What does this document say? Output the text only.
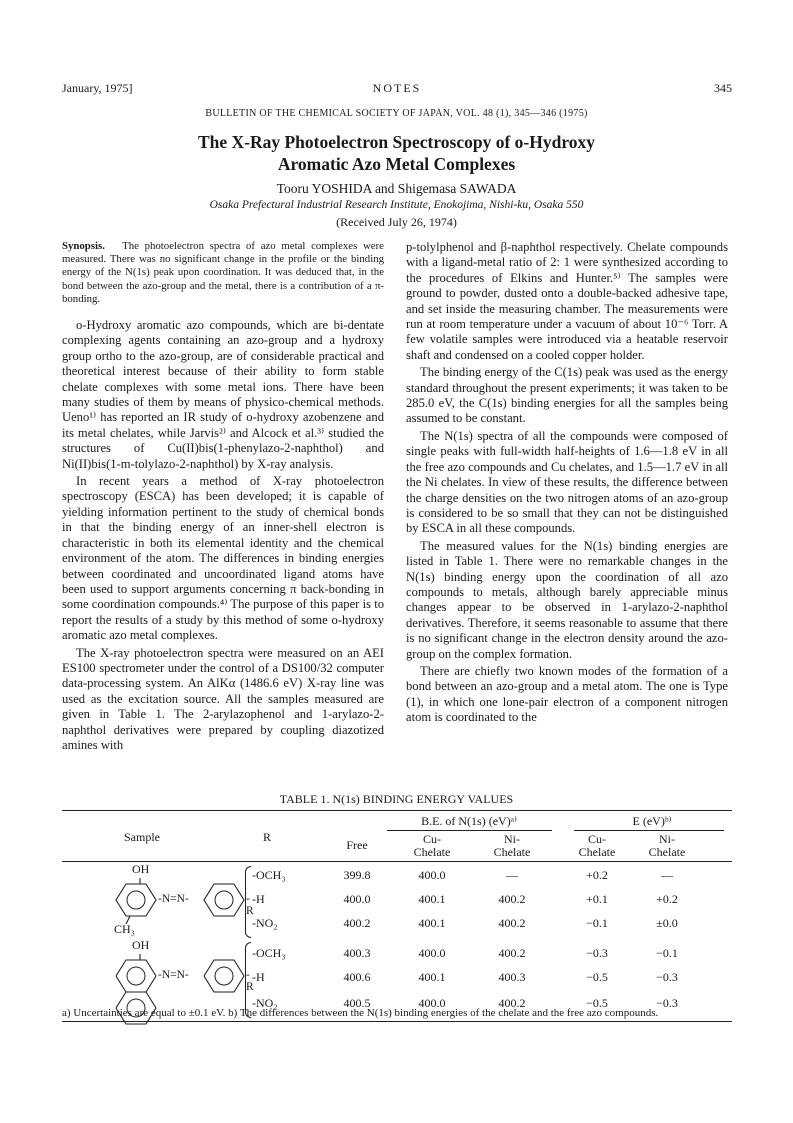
January, 1975]	NOTES	345
BULLETIN OF THE CHEMICAL SOCIETY OF JAPAN, VOL. 48 (1), 345—346 (1975)
The X-Ray Photoelectron Spectroscopy of o-Hydroxy
Aromatic Azo Metal Complexes
Tooru YOSHIDA and Shigemasa SAWADA
Osaka Prefectural Industrial Research Institute, Enokojima, Nishi-ku, Osaka 550
(Received July 26, 1974)

Synopsis. The photoelectron spectra of azo metal complexes were measured. There was no significant change in the profile or the binding energy of the N(1s) peak upon coordination. It was deduced that, in the bond between the azo-group and the metal, there is a contribution of a π-bonding.

o-Hydroxy aromatic azo compounds, which are bi-dentate complexing agents containing an azo-group and a hydroxy group ortho to the azo-group, are of considerable practical and theoretical interest because of their ability to form stable chelate complexes with some metal ions. There have been many studies of them by means of physico-chemical methods. Ueno¹⁾ has reported an IR study of o-hydroxy azobenzene and its metal chelates, while Jarvis²⁾ and Alcock et al.³⁾ studied the structures of Cu(II)bis(1-phenylazo-2-naphthol) and Ni(II)bis(1-m-tolylazo-2-naphthol) by X-ray analysis.

In recent years a method of X-ray photoelectron spectroscopy (ESCA) has been developed; it is capable of yielding information pertinent to the study of chemical bonds in that the binding energy of an inner-shell electron is characteristic in both its elemental identity and the chemical environment of the atom. The differences in binding energies between coordinated and uncoordinated ligand atoms have been used to support arguments concerning π back-bonding in some coordination compounds.⁴⁾ The purpose of this paper is to report the results of a study by this method of some o-hydroxy aromatic azo metal complexes.

The X-ray photoelectron spectra were measured on an AEI ES100 spectrometer under the control of a DS100/32 computer data-processing system. An AlKα (1486.6 eV) X-ray line was used as the excitation source. All the samples measured are given in Table 1. The 2-arylazophenol and 1-arylazo-2-naphthol derivatives were prepared by coupling diazotized amines with

p-tolylphenol and β-naphthol respectively. Chelate compounds with a ligand-metal ratio of 2: 1 were synthesized according to the procedures of Elkins and Hunter.⁵⁾ The samples were ground to powder, dusted onto a double-backed adhesive tape, and set inside the measuring chamber. The measurements were run at room temperature under a vacuum of about 10⁻⁶ Torr. A few volatile samples were introduced via a heatable reservoir shaft and condensed on a cooled copper holder.

The binding energy of the C(1s) peak was used as the energy standard throughout the present experiments; it was taken to be 285.0 eV, the C(1s) binding energies for all the samples being assumed to be constant.

The N(1s) spectra of all the compounds were composed of single peaks with full-width half-heights of 1.6—1.8 eV in all the free azo compounds and Cu chelates, and 1.5—1.7 eV in all the Ni chelates. In view of these results, the difference between the charge densities on the two nitrogen atoms of an azo-group is considered to be so small that they can not be distinguished by ESCA in all these compounds.

The measured values for the N(1s) binding energies are listed in Table 1. There were no remarkable changes in the N(1s) binding energy upon the coordination of all azo compounds to metals, although barely appreciable minus changes appear to be observed in 1-arylazo-2-naphthol derivatives. Therefore, it seems reasonable to assume that there is no significant change in the electron density around the azo-group on the complex formation.

There are chiefly two known modes of the formation of a bond between an azo-group and a metal atom. The one is Type (1), in which one lone-pair electron of a component nitrogen atom is coordinated to the

TABLE 1. N(1s) BINDING ENERGY VALUES
B.E. of N(1s) (eV)ᵃ⁾	E (eV)ᵇ⁾
Sample	R
Free	Cu-
Chelate
Ni-
Chelate
Cu-
Chelate
Ni-
Chelate
OH
-N=N-	-R
CH₃
OH
-N=N-	-R
-OCH₃	399.8	400.0	—	+0.2	—
-H	400.0	400.1	400.2	+0.1	+0.2
-NO₂	400.2	400.1	400.2	−0.1	±0.0
-OCH₃	400.3	400.0	400.2	−0.3	−0.1
-H	400.6	400.1	400.3	−0.5	−0.3
-NO₂	400.5	400.0	400.2	−0.5	−0.3
a) Uncertainties are equal to ±0.1 eV. b) The differences between the N(1s) binding energies of the chelate and the free azo compounds.
